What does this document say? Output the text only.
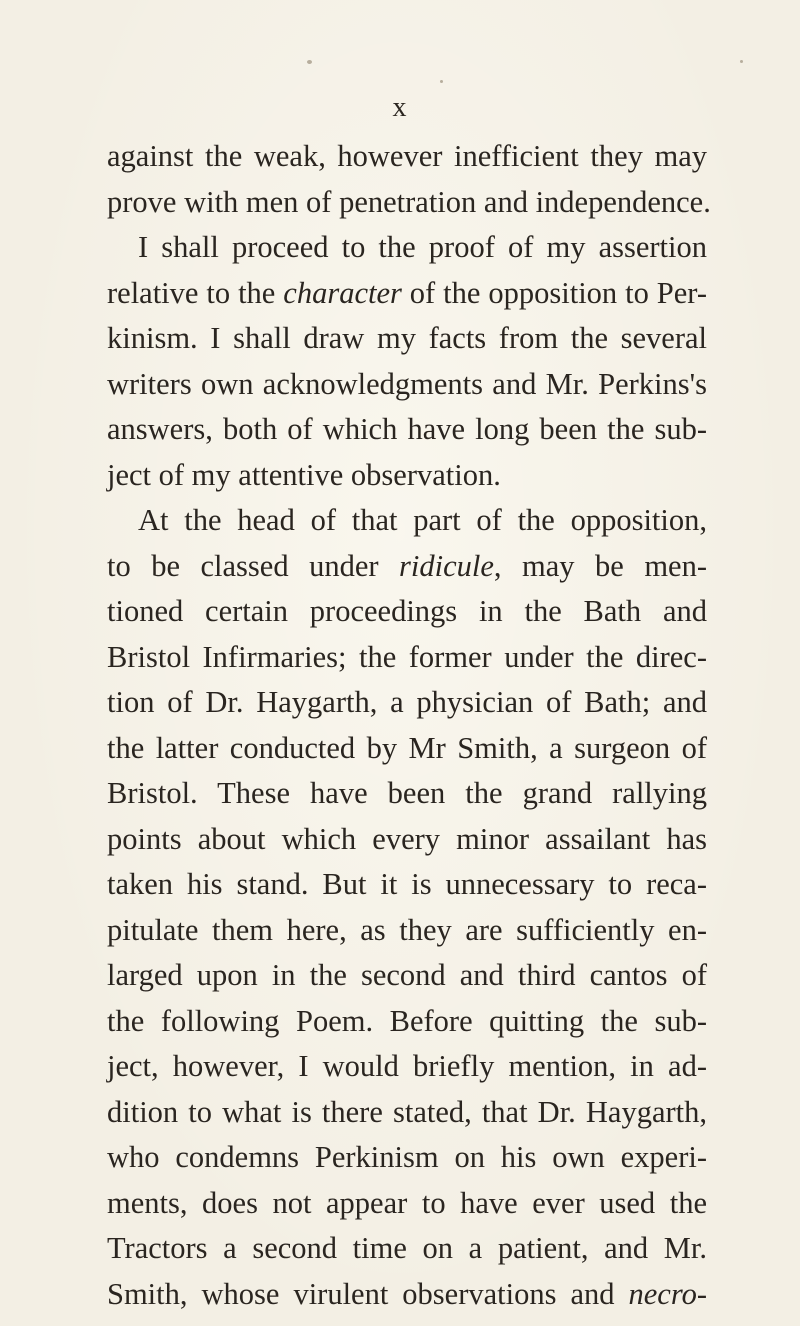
x
against the weak, however inefficient they may
prove with men of penetration and independence.
I shall proceed to the proof of my assertion
relative to the character of the opposition to Per-
kinism. I shall draw my facts from the several
writers own acknowledgments and Mr. Perkins's
answers, both of which have long been the sub-
ject of my attentive observation.
At the head of that part of the opposition,
to be classed under ridicule, may be men-
tioned certain proceedings in the Bath and
Bristol Infirmaries; the former under the direc-
tion of Dr. Haygarth, a physician of Bath; and
the latter conducted by Mr Smith, a surgeon of
Bristol. These have been the grand rallying
points about which every minor assailant has
taken his stand. But it is unnecessary to reca-
pitulate them here, as they are sufficiently en-
larged upon in the second and third cantos of
the following Poem. Before quitting the sub-
ject, however, I would briefly mention, in ad-
dition to what is there stated, that Dr. Haygarth,
who condemns Perkinism on his own experi-
ments, does not appear to have ever used the
Tractors a second time on a patient, and Mr.
Smith, whose virulent observations and necro-
